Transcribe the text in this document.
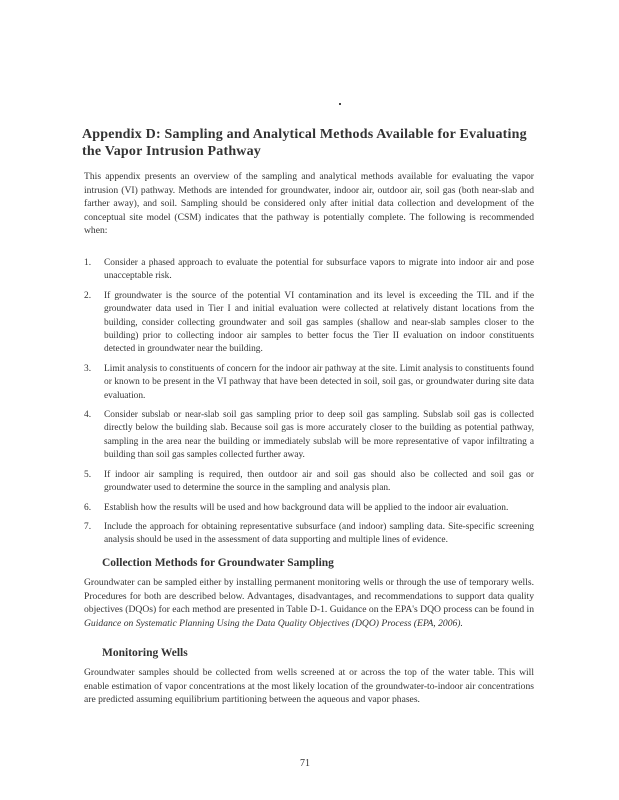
Appendix D: Sampling and Analytical Methods Available for Evaluating the Vapor Intrusion Pathway
This appendix presents an overview of the sampling and analytical methods available for evaluating the vapor intrusion (VI) pathway. Methods are intended for groundwater, indoor air, outdoor air, soil gas (both near-slab and farther away), and soil. Sampling should be considered only after initial data collection and development of the conceptual site model (CSM) indicates that the pathway is potentially complete. The following is recommended when:
1. Consider a phased approach to evaluate the potential for subsurface vapors to migrate into indoor air and pose unacceptable risk.
2. If groundwater is the source of the potential VI contamination and its level is exceeding the TIL and if the groundwater data used in Tier I and initial evaluation were collected at relatively distant locations from the building, consider collecting groundwater and soil gas samples (shallow and near-slab samples closer to the building) prior to collecting indoor air samples to better focus the Tier II evaluation on indoor constituents detected in groundwater near the building.
3. Limit analysis to constituents of concern for the indoor air pathway at the site. Limit analysis to constituents found or known to be present in the VI pathway that have been detected in soil, soil gas, or groundwater during site data evaluation.
4. Consider subslab or near-slab soil gas sampling prior to deep soil gas sampling. Subslab soil gas is collected directly below the building slab. Because soil gas is more accurately closer to the building as potential pathway, sampling in the area near the building or immediately subslab will be more representative of vapor infiltrating a building than soil gas samples collected further away.
5. If indoor air sampling is required, then outdoor air and soil gas should also be collected and soil gas or groundwater used to determine the source in the sampling and analysis plan.
6. Establish how the results will be used and how background data will be applied to the indoor air evaluation.
7. Include the approach for obtaining representative subsurface (and indoor) sampling data. Site-specific screening analysis should be used in the assessment of data supporting and multiple lines of evidence.
Collection Methods for Groundwater Sampling
Groundwater can be sampled either by installing permanent monitoring wells or through the use of temporary wells. Procedures for both are described below. Advantages, disadvantages, and recommendations to support data quality objectives (DQOs) for each method are presented in Table D-1. Guidance on the EPA's DQO process can be found in Guidance on Systematic Planning Using the Data Quality Objectives (DQO) Process (EPA, 2006).
Monitoring Wells
Groundwater samples should be collected from wells screened at or across the top of the water table. This will enable estimation of vapor concentrations at the most likely location of the groundwater-to-indoor air concentrations are predicted assuming equilibrium partitioning between the aqueous and vapor phases.
71
